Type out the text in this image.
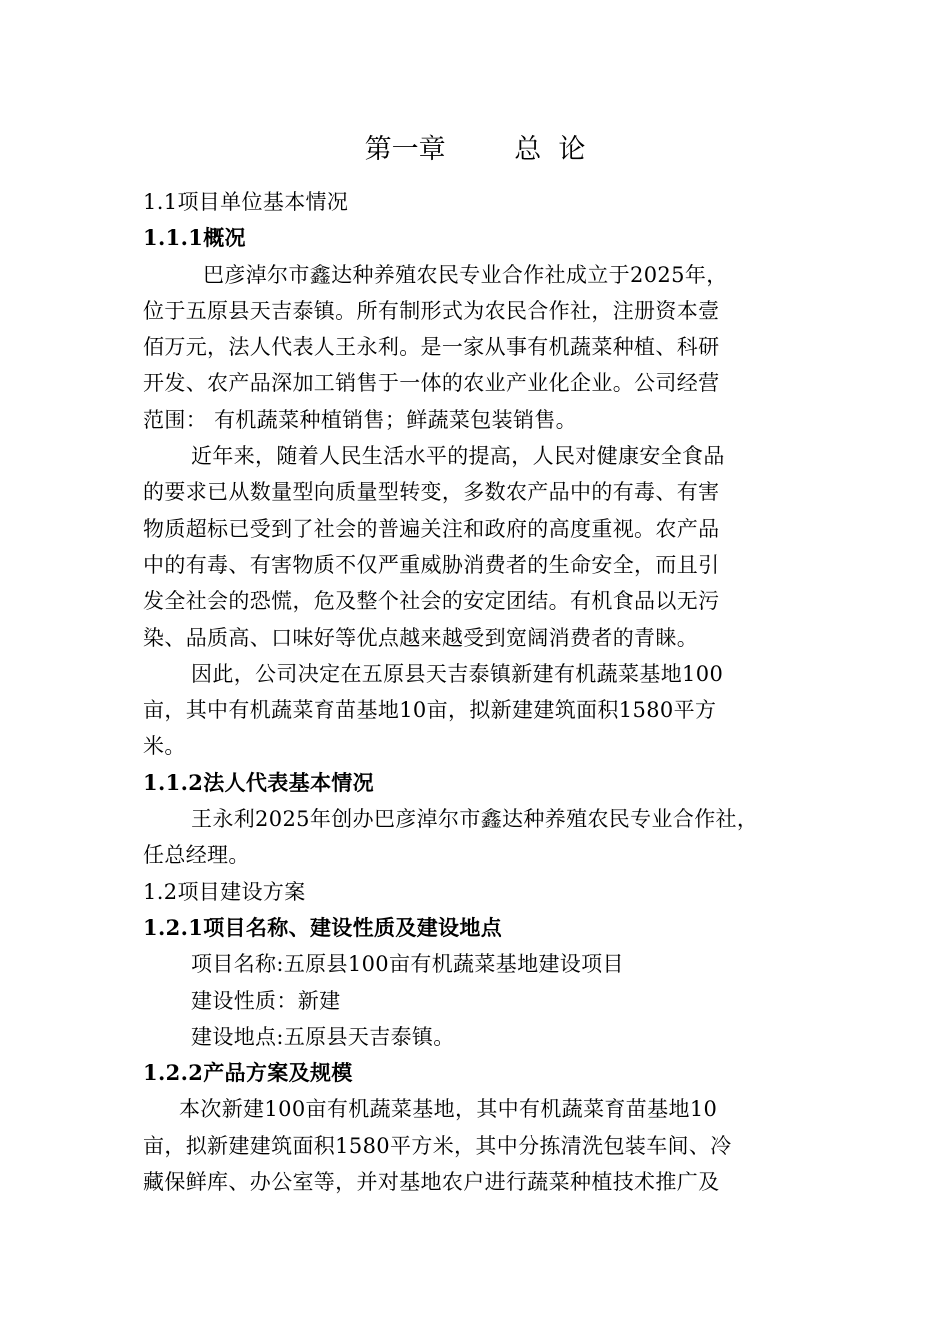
第一章        总  论
1.1项目单位基本情况
1.1.1概况
巴彦淖尔市鑫达种养殖农民专业合作社成立于2025年，
位于五原县天吉泰镇。所有制形式为农民合作社，注册资本壹
佰万元，法人代表人王永利。是一家从事有机蔬菜种植、科研
开发、农产品深加工销售于一体的农业产业化企业。公司经营
范围： 有机蔬菜种植销售；鲜蔬菜包装销售。
近年来，随着人民生活水平的提高，人民对健康安全食品
的要求已从数量型向质量型转变，多数农产品中的有毒、有害
物质超标已受到了社会的普遍关注和政府的高度重视。农产品
中的有毒、有害物质不仅严重威胁消费者的生命安全，而且引
发全社会的恐慌，危及整个社会的安定团结。有机食品以无污
染、品质高、口味好等优点越来越受到宽阔消费者的青睐。
因此，公司决定在五原县天吉泰镇新建有机蔬菜基地100
亩，其中有机蔬菜育苗基地10亩，拟新建建筑面积1580平方
米。
1.1.2法人代表基本情况
王永利2025年创办巴彦淖尔市鑫达种养殖农民专业合作社，
任总经理。
1.2项目建设方案
1.2.1项目名称、建设性质及建设地点
项目名称:五原县100亩有机蔬菜基地建设项目
建设性质：新建
建设地点:五原县天吉泰镇。
1.2.2产品方案及规模
本次新建100亩有机蔬菜基地，其中有机蔬菜育苗基地10
亩，拟新建建筑面积1580平方米，其中分拣清洗包装车间、冷
藏保鲜库、办公室等，并对基地农户进行蔬菜种植技术推广及
